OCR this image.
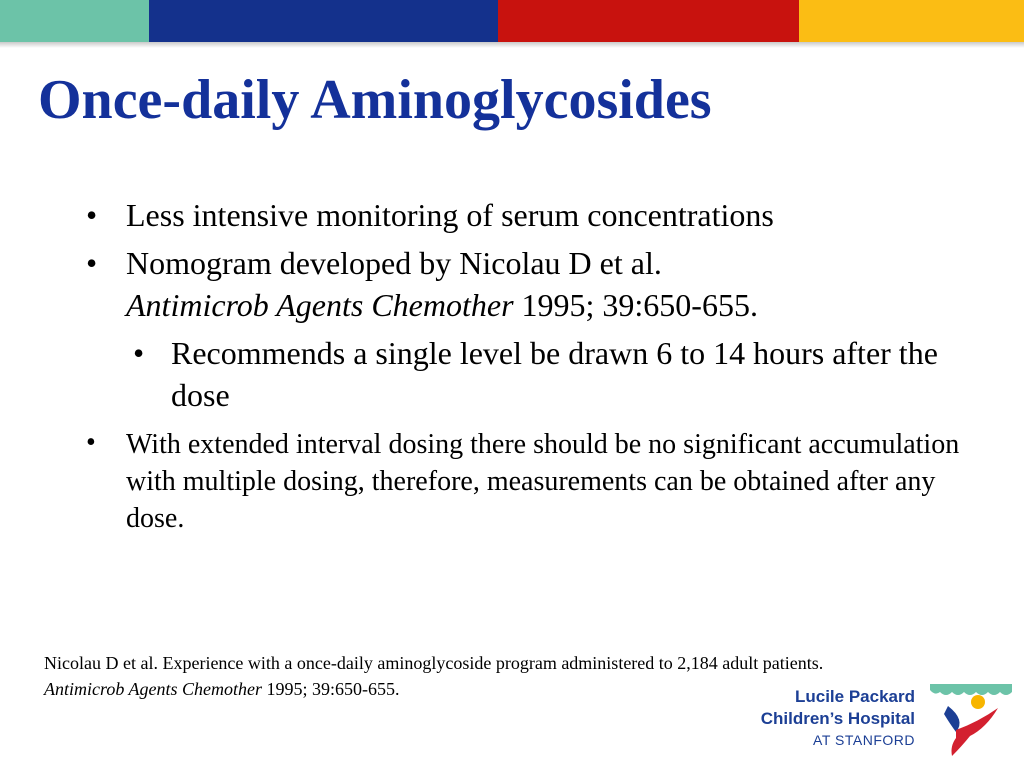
Once-daily Aminoglycosides
• Less intensive monitoring of serum concentrations
• Nomogram developed by Nicolau D et al.
Antimicrob Agents Chemother 1995; 39:650-655.
• Recommends a single level be drawn 6 to 14 hours after the dose
• With extended interval dosing there should be no significant accumulation with multiple dosing, therefore, measurements can be obtained after any dose.
Nicolau D et al. Experience with a once-daily aminoglycoside program administered to 2,184 adult patients. Antimicrob Agents Chemother 1995; 39:650-655.	Lucile Packard
Children’s Hospital
AT STANFORD
